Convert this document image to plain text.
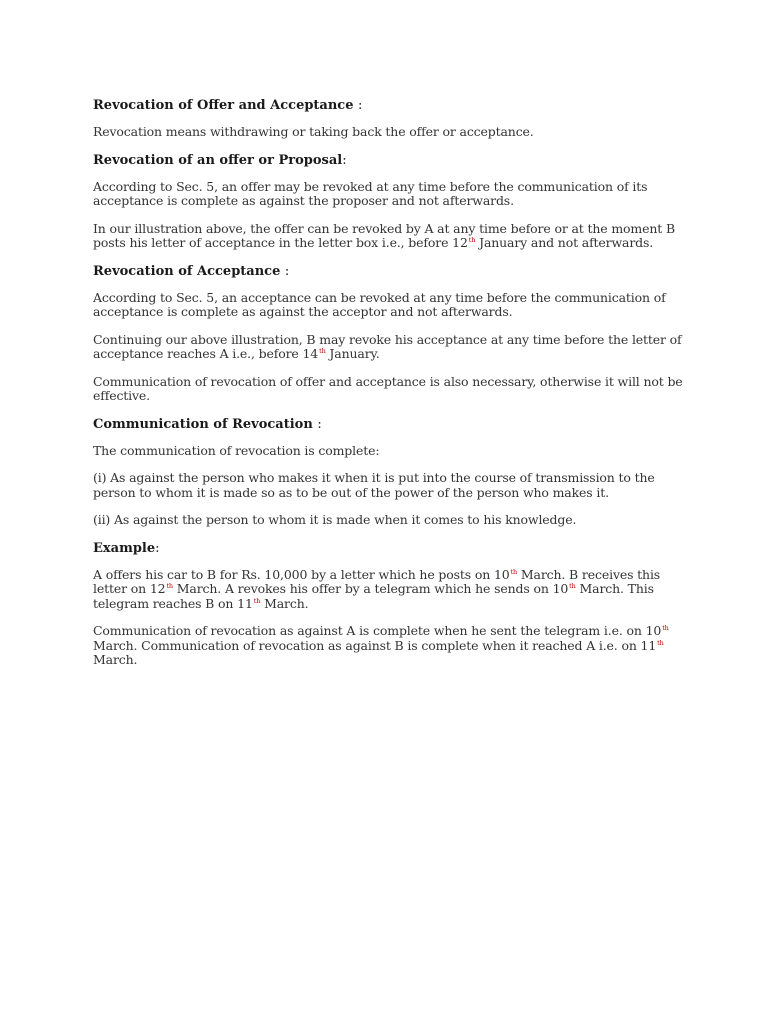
Revocation of Offer and Acceptance :

Revocation means withdrawing or taking back the offer or acceptance.

Revocation of an offer or Proposal:

According to Sec. 5, an offer may be revoked at any time before the communication of its acceptance is complete as against the proposer and not afterwards.

In our illustration above, the offer can be revoked by A at any time before or at the moment B posts his letter of acceptance in the letter box i.e., before 12th January and not afterwards.

Revocation of Acceptance :

According to Sec. 5, an acceptance can be revoked at any time before the communication of acceptance is complete as against the acceptor and not afterwards.

Continuing our above illustration, B may revoke his acceptance at any time before the letter of acceptance reaches A i.e., before 14th January.

Communication of revocation of offer and acceptance is also necessary, otherwise it will not be effective.

Communication of Revocation :

The communication of revocation is complete:

(i) As against the person who makes it when it is put into the course of transmission to the person to whom it is made so as to be out of the power of the person who makes it.

(ii) As against the person to whom it is made when it comes to his knowledge.

Example:

A offers his car to B for Rs. 10,000 by a letter which he posts on 10th March. B receives this letter on 12th March. A revokes his offer by a telegram which he sends on 10th March. This telegram reaches B on 11th March.

Communication of revocation as against A is complete when he sent the telegram i.e. on 10th March. Communication of revocation as against B is complete when it reached A i.e. on 11th March.
